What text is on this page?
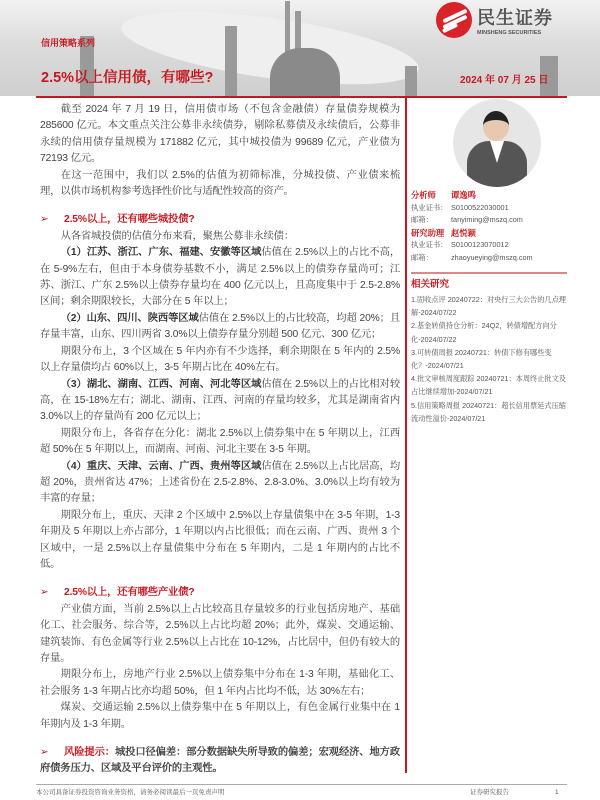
信用策略系列
2.5%以上信用债，有哪些?	2024 年 07 月 25 日
民生证券
MINSHENG SECURITIES

截至 2024 年 7 月 19 日，信用债市场（不包含金融债）存量债券规模为 285600 亿元。本文重点关注公募非永续债券，剔除私募债及永续债后，公募非永续的信用债存量规模为 171882 亿元，其中城投债为 99689 亿元，产业债为 72193 亿元。

在这一范围中，我们以 2.5%的估值为初筛标准，分城投债、产业债来梳理，以供市场机构参考选择性价比与适配性较高的资产。

➢	2.5%以上，还有哪些城投债?

从各省城投债的估值分布来看，聚焦公募非永续债：

（1）江苏、浙江、广东、福建、安徽等区域估值在 2.5%以上的占比不高，在 5-9%左右，但由于本身债券基数不小，满足 2.5%以上的债券存量尚可；江苏、浙江、广东 2.5%以上债券存量均在 400 亿元以上，且高度集中于 2.5-2.8%区间；剩余期限较长，大部分在 5 年以上；

（2）山东、四川、陕西等区域估值在 2.5%以上的占比较高，均超 20%；且存量丰富，山东、四川两省 3.0%以上债券存量分别超 500 亿元、300 亿元；

期限分布上，3 个区域在 5 年内亦有不少选择，剩余期限在 5 年内的 2.5%以上存量债均占 60%以上，3-5 年期占比在 40%左右。

（3）湖北、湖南、江西、河南、河北等区域估值在 2.5%以上的占比相对较高，在 15-18%左右；湖北、湖南、江西、河南的存量均较多，尤其是湖南省内 3.0%以上的存量尚有 200 亿元以上；

期限分布上，各省存在分化：湖北 2.5%以上债券集中在 5 年期以上，江西超 50%在 5 年期以上，而湖南、河南、河北主要在 3-5 年期。

（4）重庆、天津、云南、广西、贵州等区域估值在 2.5%以上占比居高，均超 20%，贵州省达 47%；上述省份在 2.5-2.8%、2.8-3.0%、3.0%以上均有较为丰富的存量；

期限分布上，重庆、天津 2 个区域中 2.5%以上存量债集中在 3-5 年期，1-3 年期及 5 年期以上亦占部分，1 年期以内占比很低；而在云南、广西、贵州 3 个区域中，一是 2.5%以上存量债集中分布在 5 年期内，二是 1 年期内的占比不低。

➢	2.5%以上，还有哪些产业债?

产业债方面，当前 2.5%以上占比较高且存量较多的行业包括房地产、基础化工、社会服务、综合等，2.5%以上占比均超 20%；此外，煤炭、交通运输、建筑装饰、有色金属等行业 2.5%以上占比在 10-12%，占比居中，但仍有较大的存量。

期限分布上，房地产行业 2.5%以上债券集中分布在 1-3 年期，基础化工、社会服务 1-3 年期占比亦均超 50%，但 1 年内占比均不低，达 30%左右；

煤炭、交通运输 2.5%以上债券集中在 5 年期以上，有色金属行业集中在 1 年期内及 1-3 年期。

➢ 风险提示：城投口径偏差：部分数据缺失所导致的偏差；宏观经济、地方政府债务压力、区域及平台评价的主观性。

分析师 谭逸鸣
执业证书： S0100522030001
邮箱：	tanyiming@mszq.com
研究助理 赵悦颖
执业证书： S0100123070012
邮箱：	zhaoyueying@mszq.com
相关研究
1.固收点评 20240722：对央行三大公告的几点理解-2024/07/22
2.基金转债持仓分析：24Q2，转债增配方向分化-2024/07/22
3.可转债周报 20240721：转债下修有哪些变化？-2024/07/21
4.批文审核周度跟踪 20240721：本周终止批文及占比继续增加-2024/07/21
5.信用策略周报 20240721：超长信用票延式压缩流动性溢价-2024/07/21
本公司具备证券投资咨询业务资格，请务必阅读最后一页免责声明	证券研究报告	1
